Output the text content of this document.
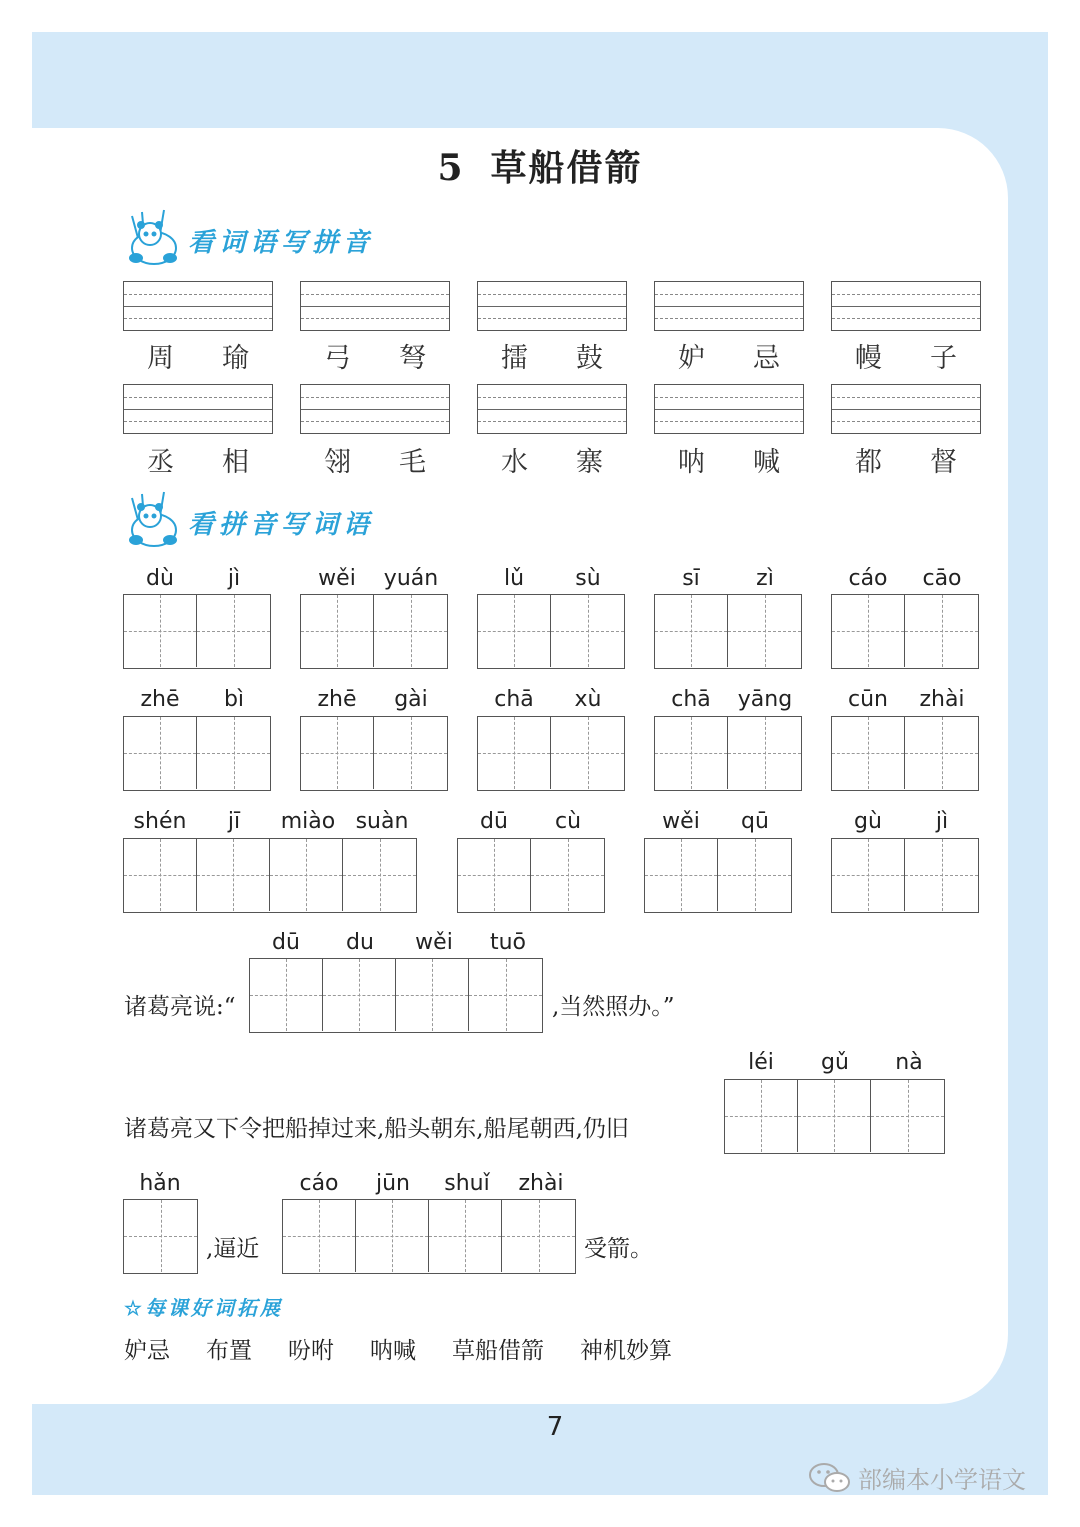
5 草船借箭
看词语写拼音
周 瑜	弓 弩	擂 鼓	妒 忌	幔 子
丞 相	翎 毛	水 寨	呐 喊	都 督
看拼音写词语
dù	jì	wěi	yuán	lǔ	sù	sī	zì	cáo	cāo
zhē	bì	zhē	gài	chā	xù	chā	yāng	cūn	zhài
shén	jī	miào suàn	dū	cù	wěi	qū	gù	jì
dū	du	wěi	tuō
诸葛亮说:“	,当然照办。”
léi	gǔ	nà
诸葛亮又下令把船掉过来,船头朝东,船尾朝西,仍旧
hǎn
,逼近
cáo	jūn	shuǐ	zhài
受箭。
☆每课好词拓展
妒忌 布置 吩咐 呐喊 草船借箭 神机妙算
7
部编本小学语文
